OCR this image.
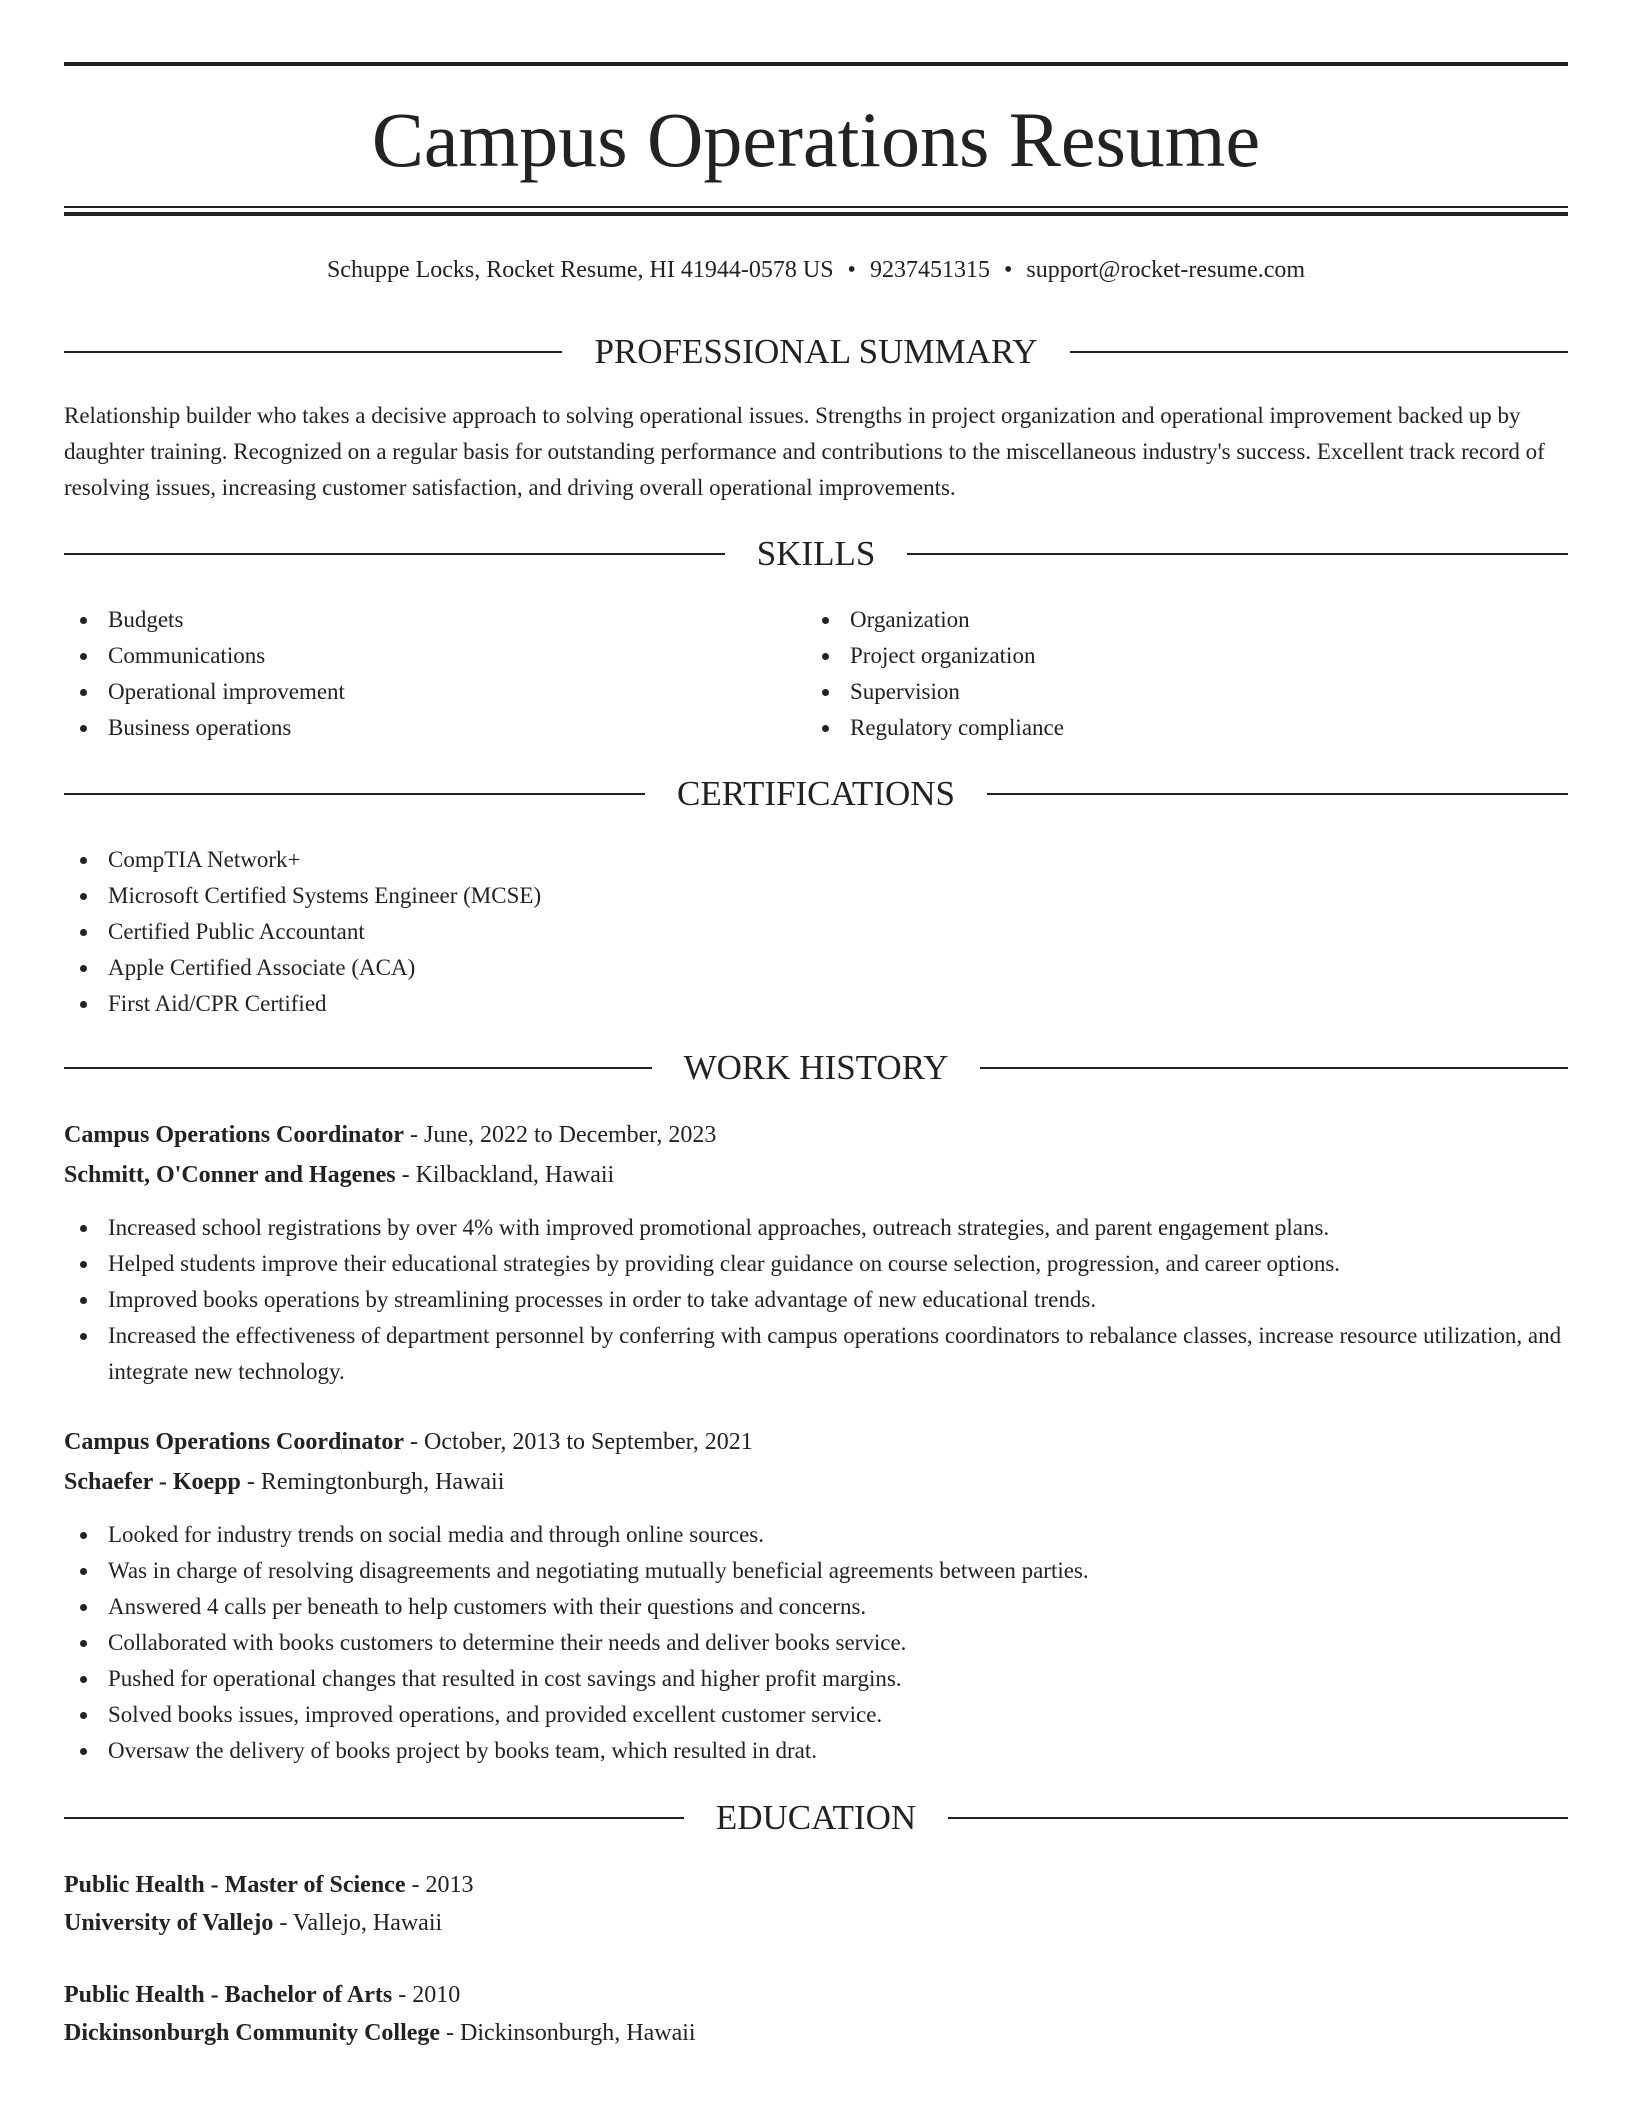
Campus Operations Resume
Schuppe Locks, Rocket Resume, HI 41944-0578 US • 9237451315 • support@rocket-resume.com
PROFESSIONAL SUMMARY
Relationship builder who takes a decisive approach to solving operational issues. Strengths in project organization and operational improvement backed up by daughter training. Recognized on a regular basis for outstanding performance and contributions to the miscellaneous industry's success. Excellent track record of resolving issues, increasing customer satisfaction, and driving overall operational improvements.
SKILLS
Budgets
Communications
Operational improvement
Business operations
Organization
Project organization
Supervision
Regulatory compliance
CERTIFICATIONS
CompTIA Network+
Microsoft Certified Systems Engineer (MCSE)
Certified Public Accountant
Apple Certified Associate (ACA)
First Aid/CPR Certified
WORK HISTORY
Campus Operations Coordinator - June, 2022 to December, 2023
Schmitt, O'Conner and Hagenes - Kilbackland, Hawaii
Increased school registrations by over 4% with improved promotional approaches, outreach strategies, and parent engagement plans.
Helped students improve their educational strategies by providing clear guidance on course selection, progression, and career options.
Improved books operations by streamlining processes in order to take advantage of new educational trends.
Increased the effectiveness of department personnel by conferring with campus operations coordinators to rebalance classes, increase resource utilization, and integrate new technology.
Campus Operations Coordinator - October, 2013 to September, 2021
Schaefer - Koepp - Remingtonburgh, Hawaii
Looked for industry trends on social media and through online sources.
Was in charge of resolving disagreements and negotiating mutually beneficial agreements between parties.
Answered 4 calls per beneath to help customers with their questions and concerns.
Collaborated with books customers to determine their needs and deliver books service.
Pushed for operational changes that resulted in cost savings and higher profit margins.
Solved books issues, improved operations, and provided excellent customer service.
Oversaw the delivery of books project by books team, which resulted in drat.
EDUCATION
Public Health - Master of Science - 2013
University of Vallejo - Vallejo, Hawaii
Public Health - Bachelor of Arts - 2010
Dickinsonburgh Community College - Dickinsonburgh, Hawaii
